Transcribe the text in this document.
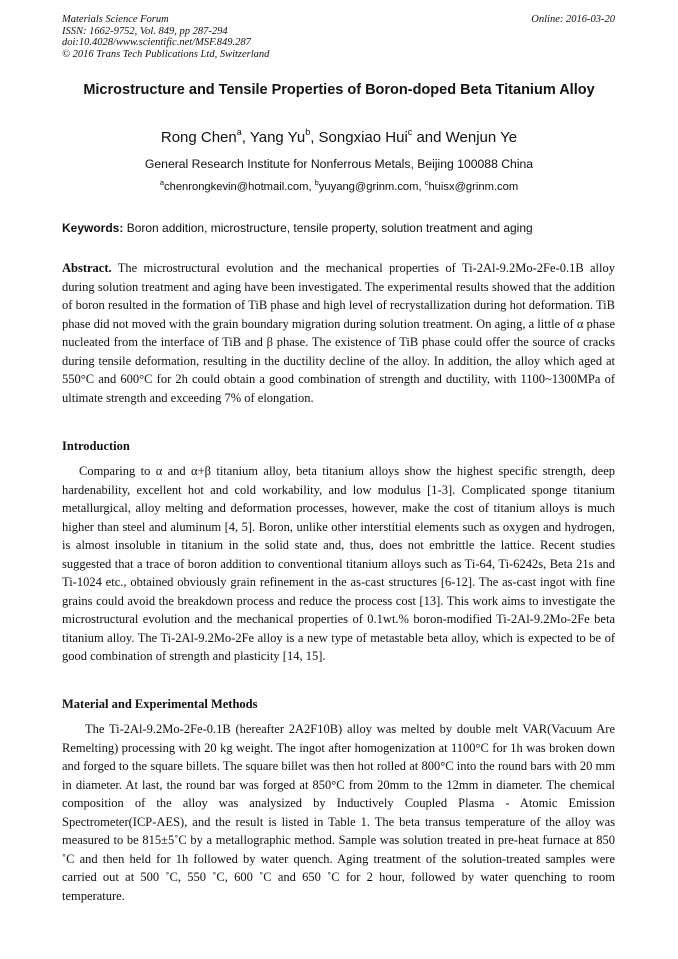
Materials Science Forum
ISSN: 1662-9752, Vol. 849, pp 287-294
doi:10.4028/www.scientific.net/MSF.849.287
© 2016 Trans Tech Publications Ltd, Switzerland
Online: 2016-03-20
Microstructure and Tensile Properties of Boron-doped Beta Titanium Alloy
Rong Chen$^a$, Yang Yu$^b$, Songxiao Hui$^c$ and Wenjun Ye
General Research Institute for Nonferrous Metals, Beijing 100088 China
$^a$chenrongkevin@hotmail.com, $^b$yuyang@grinm.com, $^c$huisx@grinm.com
Keywords: Boron addition, microstructure, tensile property, solution treatment and aging
Abstract. The microstructural evolution and the mechanical properties of Ti-2Al-9.2Mo-2Fe-0.1B alloy during solution treatment and aging have been investigated. The experimental results showed that the addition of boron resulted in the formation of TiB phase and high level of recrystallization during hot deformation. TiB phase did not moved with the grain boundary migration during solution treatment. On aging, a little of α phase nucleated from the interface of TiB and β phase. The existence of TiB phase could offer the source of cracks during tensile deformation, resulting in the ductility decline of the alloy. In addition, the alloy which aged at 550°C and 600°C for 2h could obtain a good combination of strength and ductility, with 1100~1300MPa of ultimate strength and exceeding 7% of elongation.
Introduction
Comparing to α and α+β titanium alloy, beta titanium alloys show the highest specific strength, deep hardenability, excellent hot and cold workability, and low modulus [1-3]. Complicated sponge titanium metallurgical, alloy melting and deformation processes, however, make the cost of titanium alloys is much higher than steel and aluminum [4, 5]. Boron, unlike other interstitial elements such as oxygen and hydrogen, is almost insoluble in titanium in the solid state and, thus, does not embrittle the lattice. Recent studies suggested that a trace of boron addition to conventional titanium alloys such as Ti-64, Ti-6242s, Beta 21s and Ti-1024 etc., obtained obviously grain refinement in the as-cast structures [6-12]. The as-cast ingot with fine grains could avoid the breakdown process and reduce the process cost [13]. This work aims to investigate the microstructural evolution and the mechanical properties of 0.1wt.% boron-modified Ti-2Al-9.2Mo-2Fe beta titanium alloy. The Ti-2Al-9.2Mo-2Fe alloy is a new type of metastable beta alloy, which is expected to be of good combination of strength and plasticity [14, 15].
Material and Experimental Methods
The Ti-2Al-9.2Mo-2Fe-0.1B (hereafter 2A2F10B) alloy was melted by double melt VAR(Vacuum Are Remelting) processing with 20 kg weight. The ingot after homogenization at 1100°C for 1h was broken down and forged to the square billets. The square billet was then hot rolled at 800°C into the round bars with 20 mm in diameter. At last, the round bar was forged at 850°C from 20mm to the 12mm in diameter. The chemical composition of the alloy was analysized by Inductively Coupled Plasma - Atomic Emission Spectrometer(ICP-AES), and the result is listed in Table 1. The beta transus temperature of the alloy was measured to be 815±5˚C by a metallographic method. Sample was solution treated in pre-heat furnace at 850 ˚C and then held for 1h followed by water quench. Aging treatment of the solution-treated samples were carried out at 500 ˚C, 550 ˚C, 600 ˚C and 650 ˚C for 2 hour, followed by water quenching to room temperature.
